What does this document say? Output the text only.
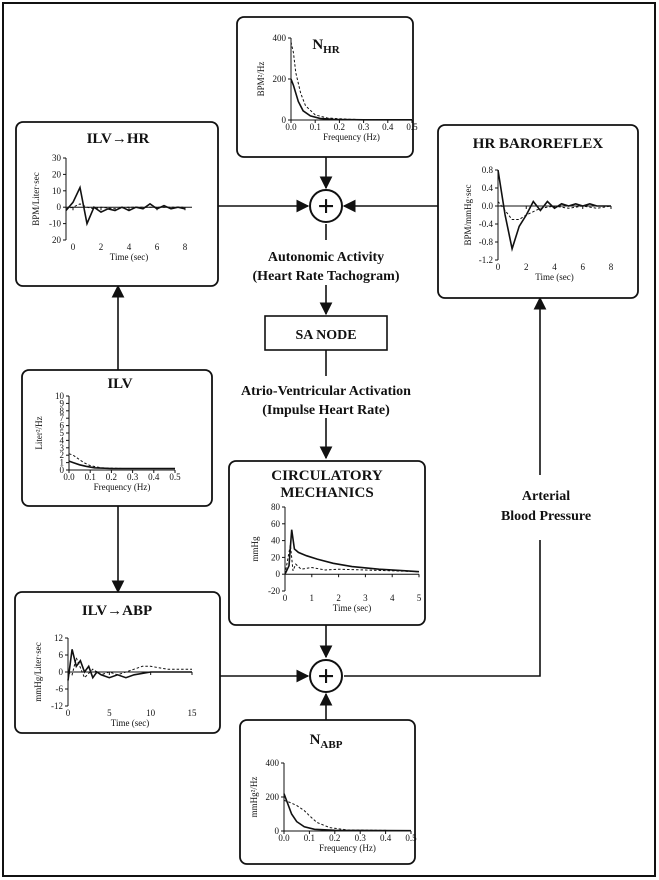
+
+
Autonomic Activity
(Heart Rate Tachogram)
SA NODE
Atrio-Ventricular Activation
(Impulse Heart Rate)
Arterial
Blood Pressure
$N_{HR}$
0
200
400
0.0 0.1 0.2 0.3 0.4 0.5
Frequency (Hz)
BPM²/Hz
ILV→HR
20
-10
0
10
20
30
0	2	4	6	8
Time (sec)
BPM/Liter·sec
HR BAROREFLEX
-1.2
-0.8
-0.4
0.0
0.4
0.8
0	2	4	6	8
Time (sec)
BPM/mmHg·sec
ILV
0
1
2
3
4
5
6
7
8
9
10
0.0 0.1 0.2 0.3 0.4 0.5
Frequency (Hz)
Liter²/Hz
CIRCULATORY
MECHANICS
-20
0
20
40
60
80
0 1 2 3 4 5
Time (sec)
mmHg
ILV→ABP
-12
-6
0
6
12
0	5	10	15
Time (sec)
mmHg/Liter·sec
$N_{ABP}$
0
200
400
0.0 0.1 0.2 0.3 0.4 0.5
Frequency (Hz)
mmHg²/Hz
